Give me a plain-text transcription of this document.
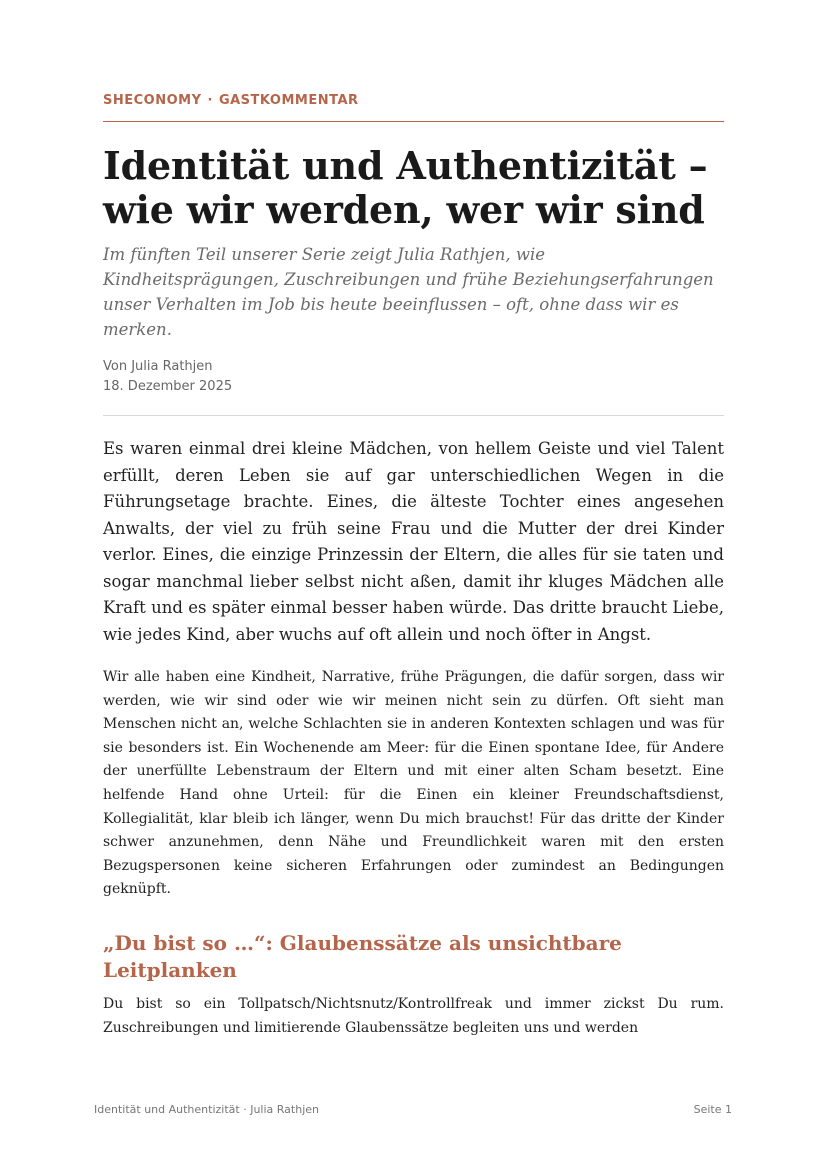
SHECONOMY · GASTKOMMENTAR
Identität und Authentizität – wie wir werden, wer wir sind

Im fünften Teil unserer Serie zeigt Julia Rathjen, wie Kindheitsprägungen, Zuschreibungen und frühe Beziehungserfahrungen unser Verhalten im Job bis heute beeinflussen – oft, ohne dass wir es merken.

Von Julia Rathjen
18. Dezember 2025

Es waren einmal drei kleine Mädchen, von hellem Geiste und viel Talent erfüllt, deren Leben sie auf gar unterschiedlichen Wegen in die Führungsetage brachte. Eines, die älteste Tochter eines angesehen Anwalts, der viel zu früh seine Frau und die Mutter der drei Kinder verlor. Eines, die einzige Prinzessin der Eltern, die alles für sie taten und sogar manchmal lieber selbst nicht aßen, damit ihr kluges Mädchen alle Kraft und es später einmal besser haben würde. Das dritte braucht Liebe, wie jedes Kind, aber wuchs auf oft allein und noch öfter in Angst.

Wir alle haben eine Kindheit, Narrative, frühe Prägungen, die dafür sorgen, dass wir werden, wie wir sind oder wie wir meinen nicht sein zu dürfen. Oft sieht man Menschen nicht an, welche Schlachten sie in anderen Kontexten schlagen und was für sie besonders ist. Ein Wochenende am Meer: für die Einen spontane Idee, für Andere der unerfüllte Lebenstraum der Eltern und mit einer alten Scham besetzt. Eine helfende Hand ohne Urteil: für die Einen ein kleiner Freundschaftsdienst, Kollegialität, klar bleib ich länger, wenn Du mich brauchst! Für das dritte der Kinder schwer anzunehmen, denn Nähe und Freundlichkeit waren mit den ersten Bezugspersonen keine sicheren Erfahrungen oder zumindest an Bedingungen geknüpft.

„Du bist so …“: Glaubenssätze als unsichtbare Leitplanken

Du bist so ein Tollpatsch/Nichtsnutz/Kontrollfreak und immer zickst Du rum. Zuschreibungen und limitierende Glaubenssätze begleiten uns und werden

Identität und Authentizität · Julia Rathjen	Seite 1
